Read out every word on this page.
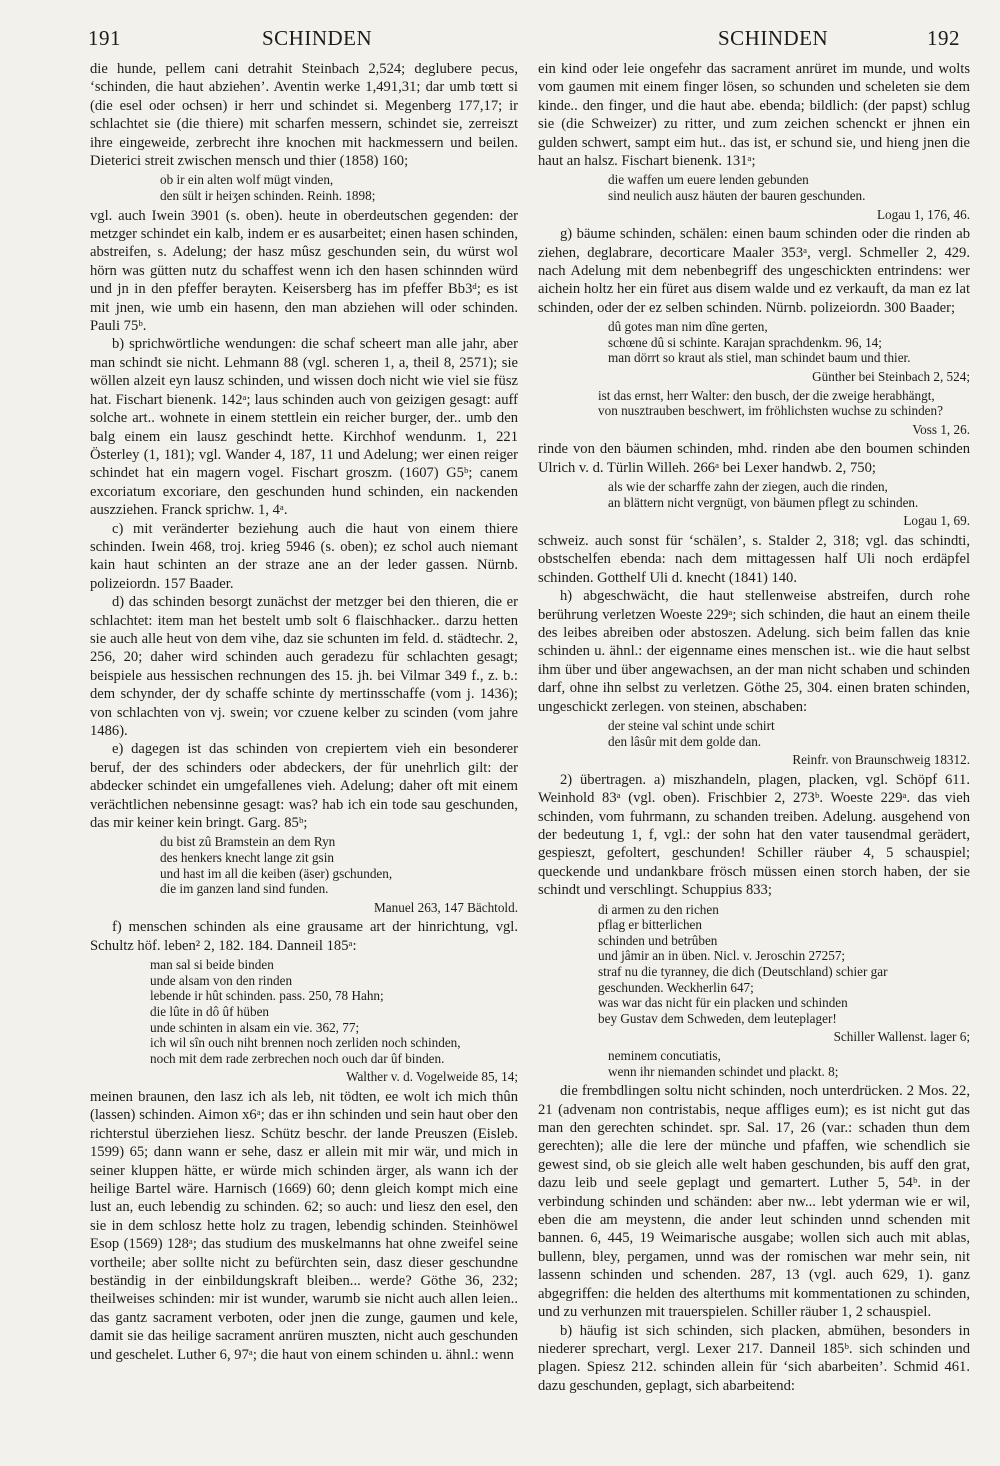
191	SCHINDEN	SCHINDEN	192

die hunde, pellem cani detrahit Steinbach 2,524; deglubere pecus, ‘schinden, die haut abziehen’. Aventin werke 1,491,31; dar umb tœtt si (die esel oder ochsen) ir herr und schindet si. Megenberg 177,17; ir schlachtet sie (die thiere) mit scharfen messern, schindet sie, zerreiszt ihre eingeweide, zerbrecht ihre knochen mit hackmessern und beilen. Dieterici streit zwischen mensch und thier (1858) 160;

ob ir ein alten wolf mügt vinden,
den sült ir heiʒen schinden. Reinh. 1898;

vgl. auch Iwein 3901 (s. oben). heute in oberdeutschen gegenden: der metzger schindet ein kalb, indem er es ausarbeitet; einen hasen schinden, abstreifen, s. Adelung; der hasz mûsz geschunden sein, du würst wol hörn was gütten nutz du schaffest wenn ich den hasen schinnden würd und jn in den pfeffer berayten. Keisersberg has im pfeffer Bb3ᵈ; es ist mit jnen, wie umb ein hasenn, den man abziehen will oder schinden. Pauli 75ᵇ.

b) sprichwörtliche wendungen: die schaf scheert man alle jahr, aber man schindt sie nicht. Lehmann 88 (vgl. scheren 1, a, theil 8, 2571); sie wöllen alzeit eyn lausz schinden, und wissen doch nicht wie viel sie füsz hat. Fischart bienenk. 142ᵃ; laus schinden auch von geizigen gesagt: auff solche art.. wohnete in einem stettlein ein reicher burger, der.. umb den balg einem ein lausz geschindt hette. Kirchhof wendunm. 1, 221 Österley (1, 181); vgl. Wander 4, 187, 11 und Adelung; wer einen reiger schindet hat ein magern vogel. Fischart groszm. (1607) G5ᵇ; canem excoriatum excoriare, den geschunden hund schinden, ein nackenden auszziehen. Franck sprichw. 1, 4ᵃ.

c) mit veränderter beziehung auch die haut von einem thiere schinden. Iwein 468, troj. krieg 5946 (s. oben); ez schol auch niemant kain haut schinten an der straze ane an der leder gassen. Nürnb. polizeiordn. 157 Baader.

d) das schinden besorgt zunächst der metzger bei den thieren, die er schlachtet: item man het bestelt umb solt 6 flaischhacker.. darzu hetten sie auch alle heut von dem vihe, daz sie schunten im feld. d. städtechr. 2, 256, 20; daher wird schinden auch geradezu für schlachten gesagt; beispiele aus hessischen rechnungen des 15. jh. bei Vilmar 349 f., z. b.: dem schynder, der dy schaffe schinte dy mertinsschaffe (vom j. 1436); von schlachten von vj. swein; vor czuene kelber zu scinden (vom jahre 1486).

e) dagegen ist das schinden von crepiertem vieh ein besonderer beruf, der des schinders oder abdeckers, der für unehrlich gilt: der abdecker schindet ein umgefallenes vieh. Adelung; daher oft mit einem verächtlichen nebensinne gesagt: was? hab ich ein tode sau geschunden, das mir keiner kein bringt. Garg. 85ᵇ;

du bist zû Bramstein an dem Ryn
des henkers knecht lange zit gsin
und hast im all die keiben (äser) gschunden,
die im ganzen land sind funden.

Manuel 263, 147 Bächtold.

f) menschen schinden als eine grausame art der hinrichtung, vgl. Schultz höf. leben² 2, 182. 184. Danneil 185ᵃ:

man sal si beide binden
unde alsam von den rinden
lebende ir hût schinden. pass. 250, 78 Hahn;
die lûte in dô ûf hüben
unde schinten in alsam ein vie. 362, 77;
ich wil sîn ouch niht brennen noch zerliden noch schinden,
noch mit dem rade zerbrechen noch ouch dar ûf binden.

Walther v. d. Vogelweide 85, 14;

meinen braunen, den lasz ich als leb, nit tödten, ee wolt ich mich thûn (lassen) schinden. Aimon x6ᵃ; das er ihn schinden und sein haut ober den richterstul überziehen liesz. Schütz beschr. der lande Preuszen (Eisleb. 1599) 65; dann wann er sehe, dasz er allein mit mir wär, und mich in seiner kluppen hätte, er würde mich schinden ärger, als wann ich der heilige Bartel wäre. Harnisch (1669) 60; denn gleich kompt mich eine lust an, euch lebendig zu schinden. 62; so auch: und liesz den esel, den sie in dem schlosz hette holz zu tragen, lebendig schinden. Steinhöwel Esop (1569) 128ᵃ; das studium des muskelmanns hat ohne zweifel seine vortheile; aber sollte nicht zu befürchten sein, dasz dieser geschundne beständig in der einbildungskraft bleiben... werde? Göthe 36, 232; theilweises schinden: mir ist wunder, warumb sie nicht auch allen leien.. das gantz sacrament verboten, oder jnen die zunge, gaumen und kele, damit sie das heilige sacrament anrüren muszten, nicht auch geschunden und geschelet. Luther 6, 97ᵃ; die haut von einem schinden u. ähnl.: wenn

ein kind oder leie ongefehr das sacrament anrüret im munde, und wolts vom gaumen mit einem finger lösen, so schunden und scheleten sie dem kinde.. den finger, und die haut abe. ebenda; bildlich: (der papst) schlug sie (die Schweizer) zu ritter, und zum zeichen schenckt er jhnen ein gulden schwert, sampt eim hut.. das ist, er schund sie, und hieng jnen die haut an halsz. Fischart bienenk. 131ᵃ;

die waffen um euere lenden gebunden
sind neulich ausz häuten der bauren geschunden.

Logau 1, 176, 46.

g) bäume schinden, schälen: einen baum schinden oder die rinden ab ziehen, deglabrare, decorticare Maaler 353ᵃ, vergl. Schmeller 2, 429. nach Adelung mit dem nebenbegriff des ungeschickten entrindens: wer aichein holtz her ein füret aus disem walde und ez verkauft, da man ez lat schinden, oder der ez selben schinden. Nürnb. polizeiordn. 300 Baader;

dû gotes man nim dîne gerten,
schœne dû si schinte. Karajan sprachdenkm. 96, 14;
man dörrt so kraut als stiel, man schindet baum und thier.

Günther bei Steinbach 2, 524;

ist das ernst, herr Walter: den busch, der die zweige herabhängt,
von nusztrauben beschwert, im fröhlichsten wuchse zu schinden?

Voss 1, 26.

rinde von den bäumen schinden, mhd. rinden abe den boumen schinden Ulrich v. d. Türlin Willeh. 266ᵃ bei Lexer handwb. 2, 750;

als wie der scharffe zahn der ziegen, auch die rinden,
an blättern nicht vergnügt, von bäumen pflegt zu schinden.

Logau 1, 69.

schweiz. auch sonst für ‘schälen’, s. Stalder 2, 318; vgl. das schindti, obstschelfen ebenda: nach dem mittagessen half Uli noch erdäpfel schinden. Gotthelf Uli d. knecht (1841) 140.

h) abgeschwächt, die haut stellenweise abstreifen, durch rohe berührung verletzen Woeste 229ᵃ; sich schinden, die haut an einem theile des leibes abreiben oder abstoszen. Adelung. sich beim fallen das knie schinden u. ähnl.: der eigenname eines menschen ist.. wie die haut selbst ihm über und über angewachsen, an der man nicht schaben und schinden darf, ohne ihn selbst zu verletzen. Göthe 25, 304. einen braten schinden, ungeschickt zerlegen. von steinen, abschaben:

der steine val schint unde schirt
den lâsûr mit dem golde dan.

Reinfr. von Braunschweig 18312.

2) übertragen. a) miszhandeln, plagen, placken, vgl. Schöpf 611. Weinhold 83ᵃ (vgl. oben). Frischbier 2, 273ᵇ. Woeste 229ᵃ. das vieh schinden, vom fuhrmann, zu schanden treiben. Adelung. ausgehend von der bedeutung 1, f, vgl.: der sohn hat den vater tausendmal gerädert, gespieszt, gefoltert, geschunden! Schiller räuber 4, 5 schauspiel; queckende und undankbare frösch müssen einen storch haben, der sie schindt und verschlingt. Schuppius 833;

di armen zu den richen
pflag er bitterlichen
schinden und betrûben
und jâmir an in üben. Nicl. v. Jeroschin 27257;
straf nu die tyranney, die dich (Deutschland) schier gar
geschunden. Weckherlin 647;
was war das nicht für ein placken und schinden
bey Gustav dem Schweden, dem leuteplager!

Schiller Wallenst. lager 6;

neminem concutiatis,
wenn ihr niemanden schindet und plackt. 8;

die frembdlingen soltu nicht schinden, noch unterdrücken. 2 Mos. 22, 21 (advenam non contristabis, neque affliges eum); es ist nicht gut das man den gerechten schindet. spr. Sal. 17, 26 (var.: schaden thun dem gerechten); alle die lere der münche und pfaffen, wie schendlich sie gewest sind, ob sie gleich alle welt haben geschunden, bis auff den grat, dazu leib und seele geplagt und gemartert. Luther 5, 54ᵇ. in der verbindung schinden und schänden: aber nw... lebt yderman wie er wil, eben die am meystenn, die ander leut schinden unnd schenden mit bannen. 6, 445, 19 Weimarische ausgabe; wollen sich auch mit ablas, bullenn, bley, pergamen, unnd was der romischen war mehr sein, nit lassenn schinden und schenden. 287, 13 (vgl. auch 629, 1). ganz abgegriffen: die helden des alterthums mit kommentationen zu schinden, und zu verhunzen mit trauerspielen. Schiller räuber 1, 2 schauspiel.

b) häufig ist sich schinden, sich placken, abmühen, besonders in niederer sprechart, vergl. Lexer 217. Danneil 185ᵇ. sich schinden und plagen. Spiesz 212. schinden allein für ‘sich abarbeiten’. Schmid 461. dazu geschunden, geplagt, sich abarbeitend:
